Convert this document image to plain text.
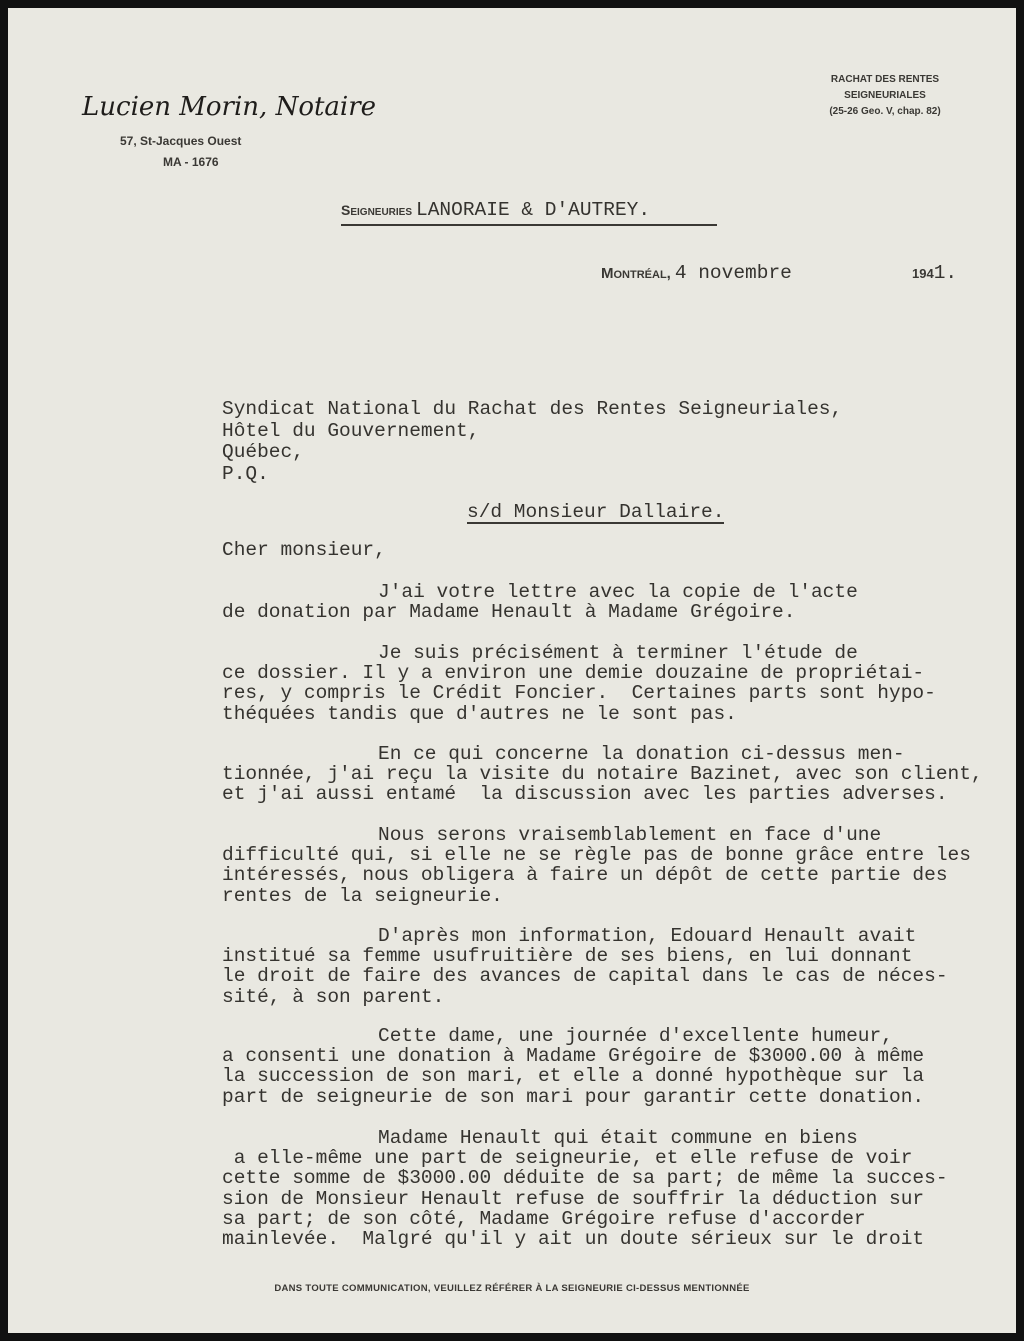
Lucien Morin, Notaire
57, St-Jacques Ouest
MA - 1676
RACHAT DES RENTES
SEIGNEURIALES
(25-26 Geo. V, chap. 82)
Seigneuries LANORAIE & D'AUTREY.
Montréal, 4 novembre	1941.
Syndicat National du Rachat des Rentes Seigneuriales,
Hôtel du Gouvernement,
Québec,
P.Q.
s/d Monsieur Dallaire.
Cher monsieur,
J'ai votre lettre avec la copie de l'acte
de donation par Madame Henault à Madame Grégoire.
Je suis précisément à terminer l'étude de
ce dossier. Il y a environ une demie douzaine de propriétai-
res, y compris le Crédit Foncier.  Certaines parts sont hypo-
théquées tandis que d'autres ne le sont pas.
En ce qui concerne la donation ci-dessus men-
tionnée, j'ai reçu la visite du notaire Bazinet, avec son client,
et j'ai aussi entamé  la discussion avec les parties adverses.
Nous serons vraisemblablement en face d'une
difficulté qui, si elle ne se règle pas de bonne grâce entre les
intéressés, nous obligera à faire un dépôt de cette partie des
rentes de la seigneurie.
D'après mon information, Edouard Henault avait
institué sa femme usufruitière de ses biens, en lui donnant
le droit de faire des avances de capital dans le cas de néces-
sité, à son parent.
Cette dame, une journée d'excellente humeur,
a consenti une donation à Madame Grégoire de $3000.00 à même
la succession de son mari, et elle a donné hypothèque sur la
part de seigneurie de son mari pour garantir cette donation.
Madame Henault qui était commune en biens
a elle-même une part de seigneurie, et elle refuse de voir
cette somme de $3000.00 déduite de sa part; de même la succes-
sion de Monsieur Henault refuse de souffrir la déduction sur
sa part; de son côté, Madame Grégoire refuse d'accorder
mainlevée.  Malgré qu'il y ait un doute sérieux sur le droit
DANS TOUTE COMMUNICATION, VEUILLEZ RÉFÉRER À LA SEIGNEURIE CI-DESSUS MENTIONNÉE
